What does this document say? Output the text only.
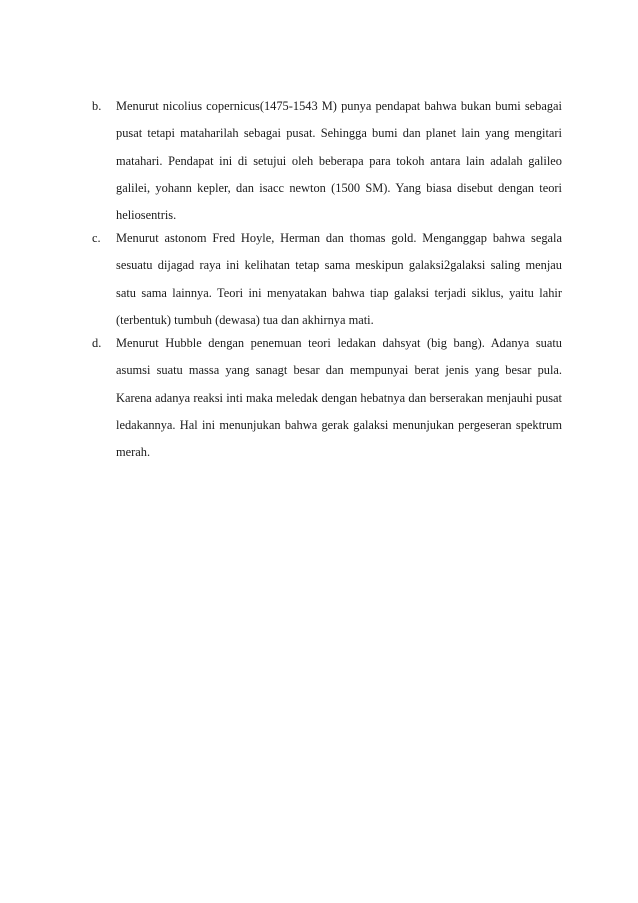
b. Menurut nicolius copernicus(1475-1543 M) punya pendapat bahwa bukan bumi sebagai pusat tetapi mataharilah sebagai pusat. Sehingga bumi dan planet lain yang mengitari matahari. Pendapat ini di setujui oleh beberapa para tokoh antara lain adalah galileo galilei, yohann kepler, dan isacc newton (1500 SM). Yang biasa disebut dengan teori heliosentris.

c. Menurut astonom Fred Hoyle, Herman dan thomas gold. Menganggap bahwa segala sesuatu dijagad raya ini kelihatan tetap sama meskipun galaksi2galaksi saling menjau satu sama lainnya. Teori ini menyatakan bahwa tiap galaksi terjadi siklus, yaitu lahir (terbentuk) tumbuh (dewasa) tua dan akhirnya mati.

d. Menurut Hubble dengan penemuan teori ledakan dahsyat (big bang). Adanya suatu asumsi suatu massa yang sanagt besar dan mempunyai berat jenis yang besar pula. Karena adanya reaksi inti maka meledak dengan hebatnya dan berserakan menjauhi pusat ledakannya. Hal ini menunjukan bahwa gerak galaksi menunjukan pergeseran spektrum merah.
